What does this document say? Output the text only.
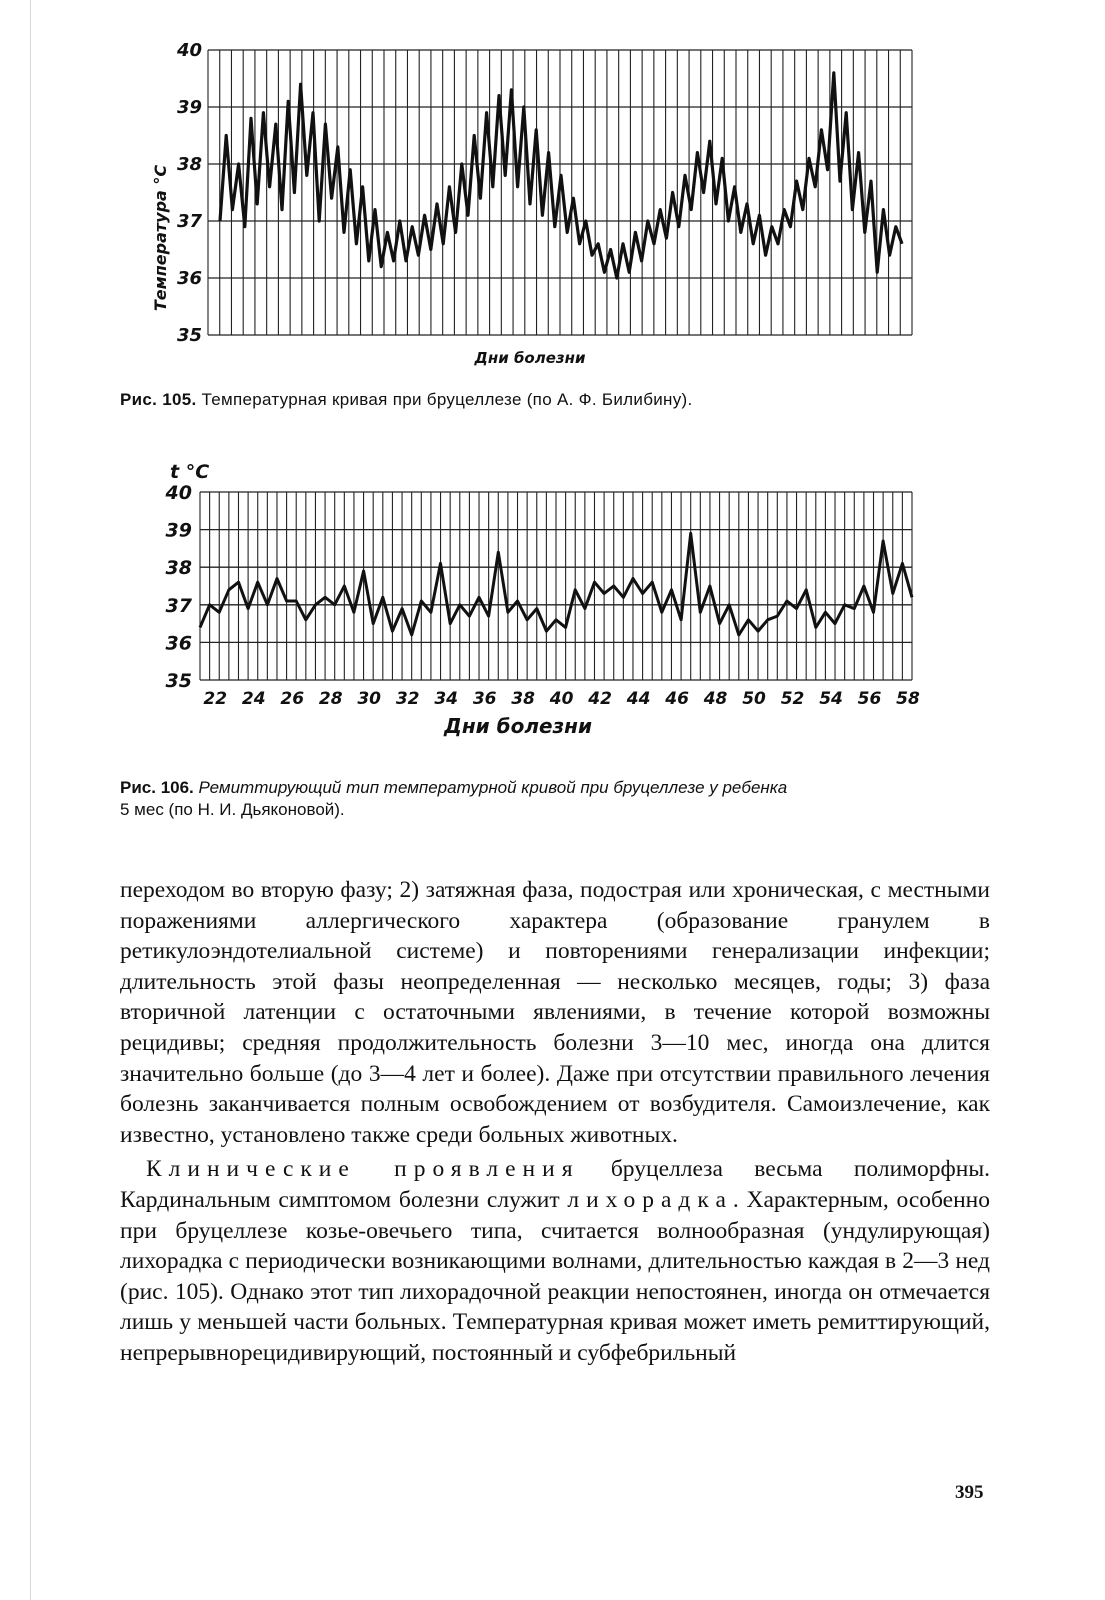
35
36
37
38
39
40
Температура °С
Дни болезни
Рис. 105. Температурная кривая при бруцеллезе (по А. Ф. Билибину).
t °C
35
36
37
38
39
40
22 24 26 28 30 32 34 36 38 40 42 44 46 48 50 52 54 56 58
Дни болезни
Рис. 106. Ремиттирующий тип температурной кривой при бруцеллезе у ребенка
5 мес (по Н. И. Дьяконовой).

переходом во вторую фазу; 2) затяжная фаза, подострая или хроническая, с местными поражениями аллергического характера (образование гранулем в ретикулоэндотелиальной системе) и повторениями генерализации инфекции; длительность этой фазы неопределенная — несколько месяцев, годы; 3) фаза вторичной латенции с остаточными явлениями, в течение которой возможны рецидивы; средняя продолжительность болезни 3—10 мес, иногда она длится значительно больше (до 3—4 лет и более). Даже при отсутствии правильного лечения болезнь заканчивается полным освобождением от возбудителя. Самоизлечение, как известно, установлено также среди больных животных.

Клинические проявления бруцеллеза весьма полиморфны. Кардинальным симптомом болезни служит лихорадка. Характерным, особенно при бруцеллезе козье-овечьего типа, считается волнообразная (ундулирующая) лихорадка с периодически возникающими волнами, длительностью каждая в 2—3 нед (рис. 105). Однако этот тип лихорадочной реакции непостоянен, иногда он отмечается лишь у меньшей части больных. Температурная кривая может иметь ремиттирующий, непрерывнорецидивирующий, постоянный и субфебрильный

395
